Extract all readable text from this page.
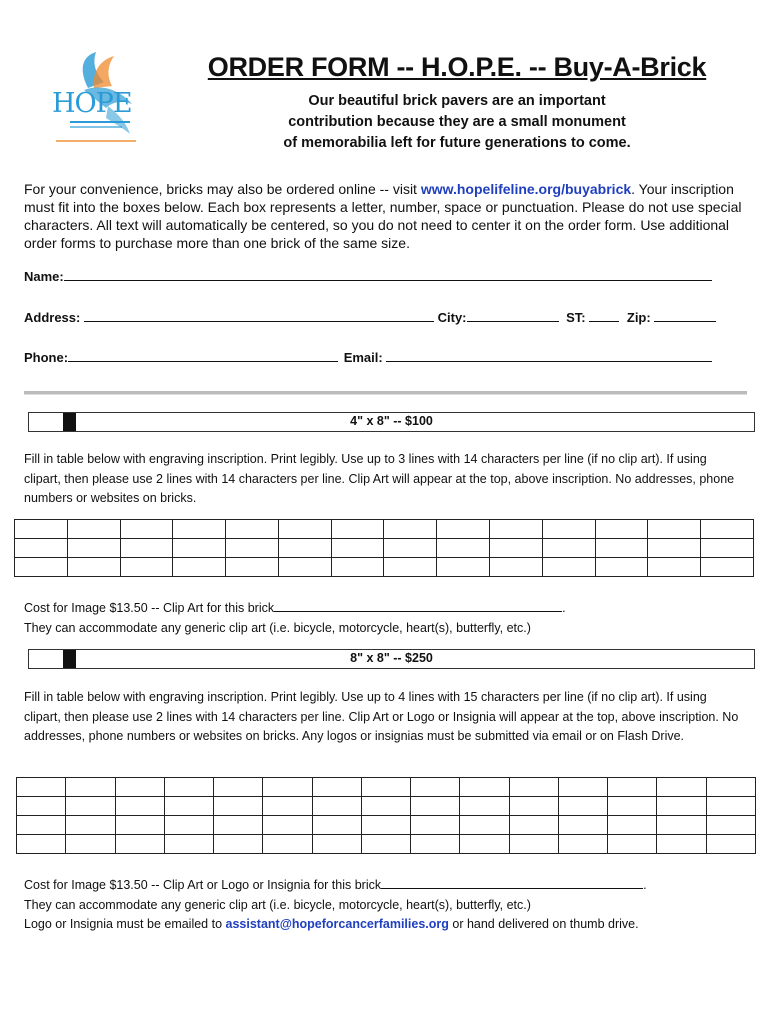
HOPE
ORDER FORM -- H.O.P.E. -- Buy-A-Brick
Our beautiful brick pavers are an important
contribution because they are a small monument
of memorabilia left for future generations to come.
For your convenience, bricks may also be ordered online -- visit www.hopelifeline.org/buyabrick. Your inscription must fit into the boxes below. Each box represents a letter, number, space or punctuation. Please do not use special characters. All text will automatically be centered, so you do not need to center it on the order form. Use additional order forms to purchase more than one brick of the same size.
Name:
Address:	City:	ST:	Zip:
Phone:	Email:
4" x 8" -- $100
Fill in table below with engraving inscription. Print legibly. Use up to 3 lines with 14 characters per line (if no clip art). If using clipart, then please use 2 lines with 14 characters per line. Clip Art will appear at the top, above inscription. No addresses, phone numbers or websites on bricks.

Cost for Image $13.50 -- Clip Art for this brick	.
They can accommodate any generic clip art (i.e. bicycle, motorcycle, heart(s), butterfly, etc.)
8" x 8" -- $250
Fill in table below with engraving inscription. Print legibly. Use up to 4 lines with 15 characters per line (if no clip art). If using clipart, then please use 2 lines with 14 characters per line. Clip Art or Logo or Insignia will appear at the top, above inscription. No addresses, phone numbers or websites on bricks. Any logos or insignias must be submitted via email or on Flash Drive.

Cost for Image $13.50 -- Clip Art or Logo or Insignia for this brick	.
They can accommodate any generic clip art (i.e. bicycle, motorcycle, heart(s), butterfly, etc.)
Logo or Insignia must be emailed to assistant@hopeforcancerfamilies.org or hand delivered on thumb drive.
